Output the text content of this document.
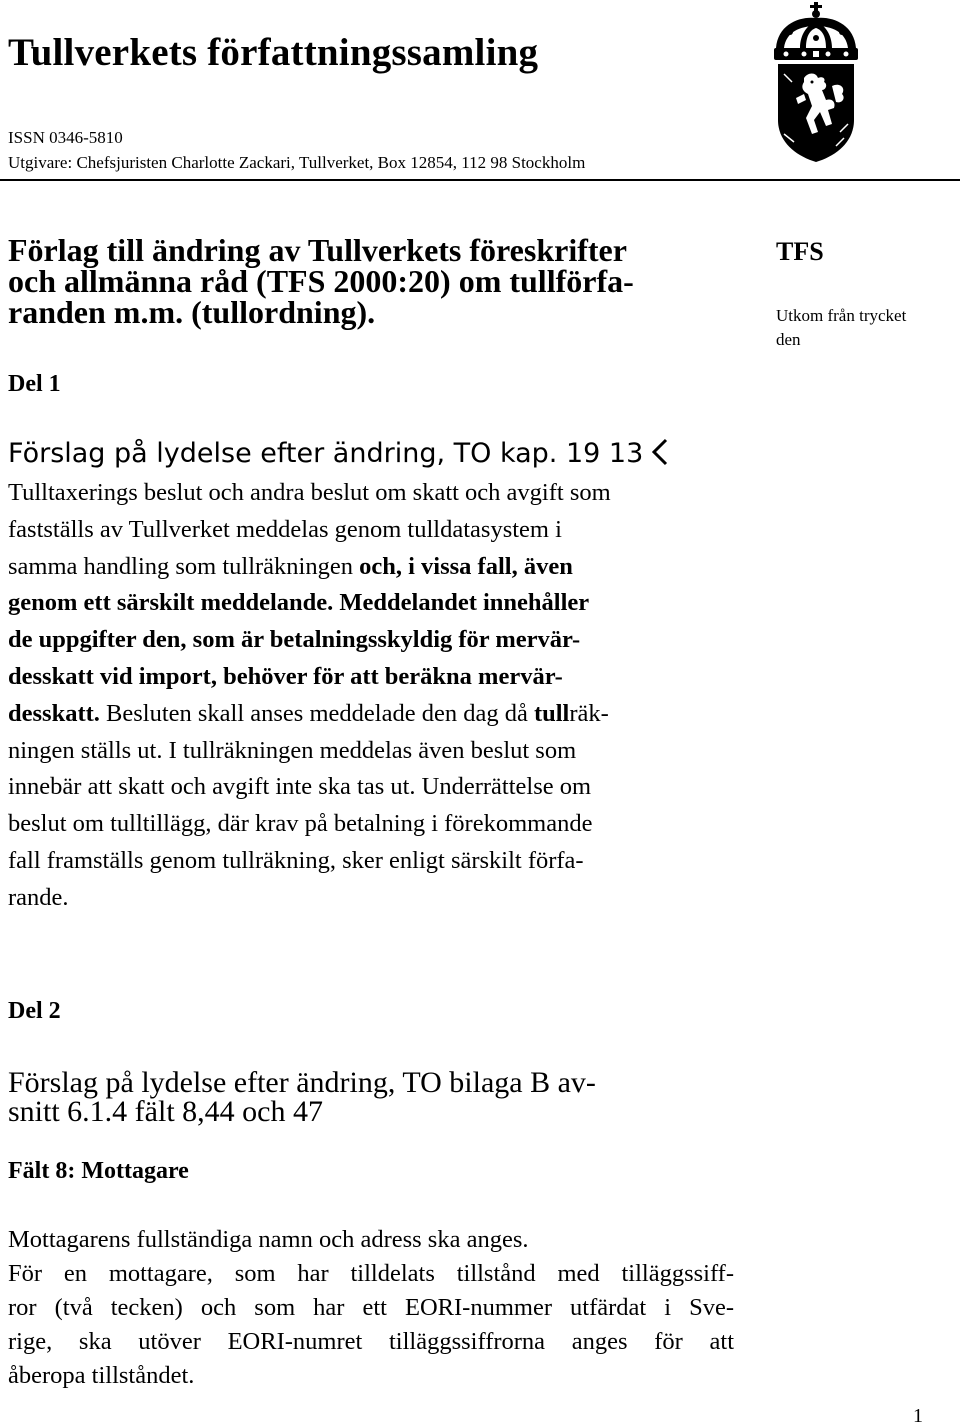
Tullverkets författningssamling
ISSN 0346-5810
Utgivare: Chefsjuristen Charlotte Zackari, Tullverket, Box 12854, 112 98 Stockholm
Förlag till ändring av Tullverkets föreskrifter
och allmänna råd (TFS 2000:20) om tullförfa-
randen m.m. (tullordning).
TFS
Utkom från trycket
den
Del 1
Förslag på lydelse efter ändring, TO kap. 19 13
Tulltaxerings beslut och andra beslut om skatt och avgift som
fastställs av Tullverket meddelas genom tulldatasystem i
samma handling som tullräkningen och, i vissa fall, även
genom ett särskilt meddelande. Meddelandet innehåller
de uppgifter den, som är betalningsskyldig för mervär-
desskatt vid import, behöver för att beräkna mervär-
desskatt. Besluten skall anses meddelade den dag då tullräk-
ningen ställs ut. I tullräkningen meddelas även beslut som
innebär att skatt och avgift inte ska tas ut. Underrättelse om
beslut om tulltillägg, där krav på betalning i förekommande
fall framställs genom tullräkning, sker enligt särskilt förfa-
rande.
Del 2
Förslag på lydelse efter ändring, TO bilaga B av-
snitt 6.1.4 fält 8,44 och 47
Fält 8: Mottagare
Mottagarens fullständiga namn och adress ska anges.
För en mottagare, som har tilldelats tillstånd med tilläggssiff-
ror (två tecken) och som har ett EORI-nummer utfärdat i Sve-
rige, ska utöver EORI-numret tilläggssiffrorna anges för att
åberopa tillståndet.
1
